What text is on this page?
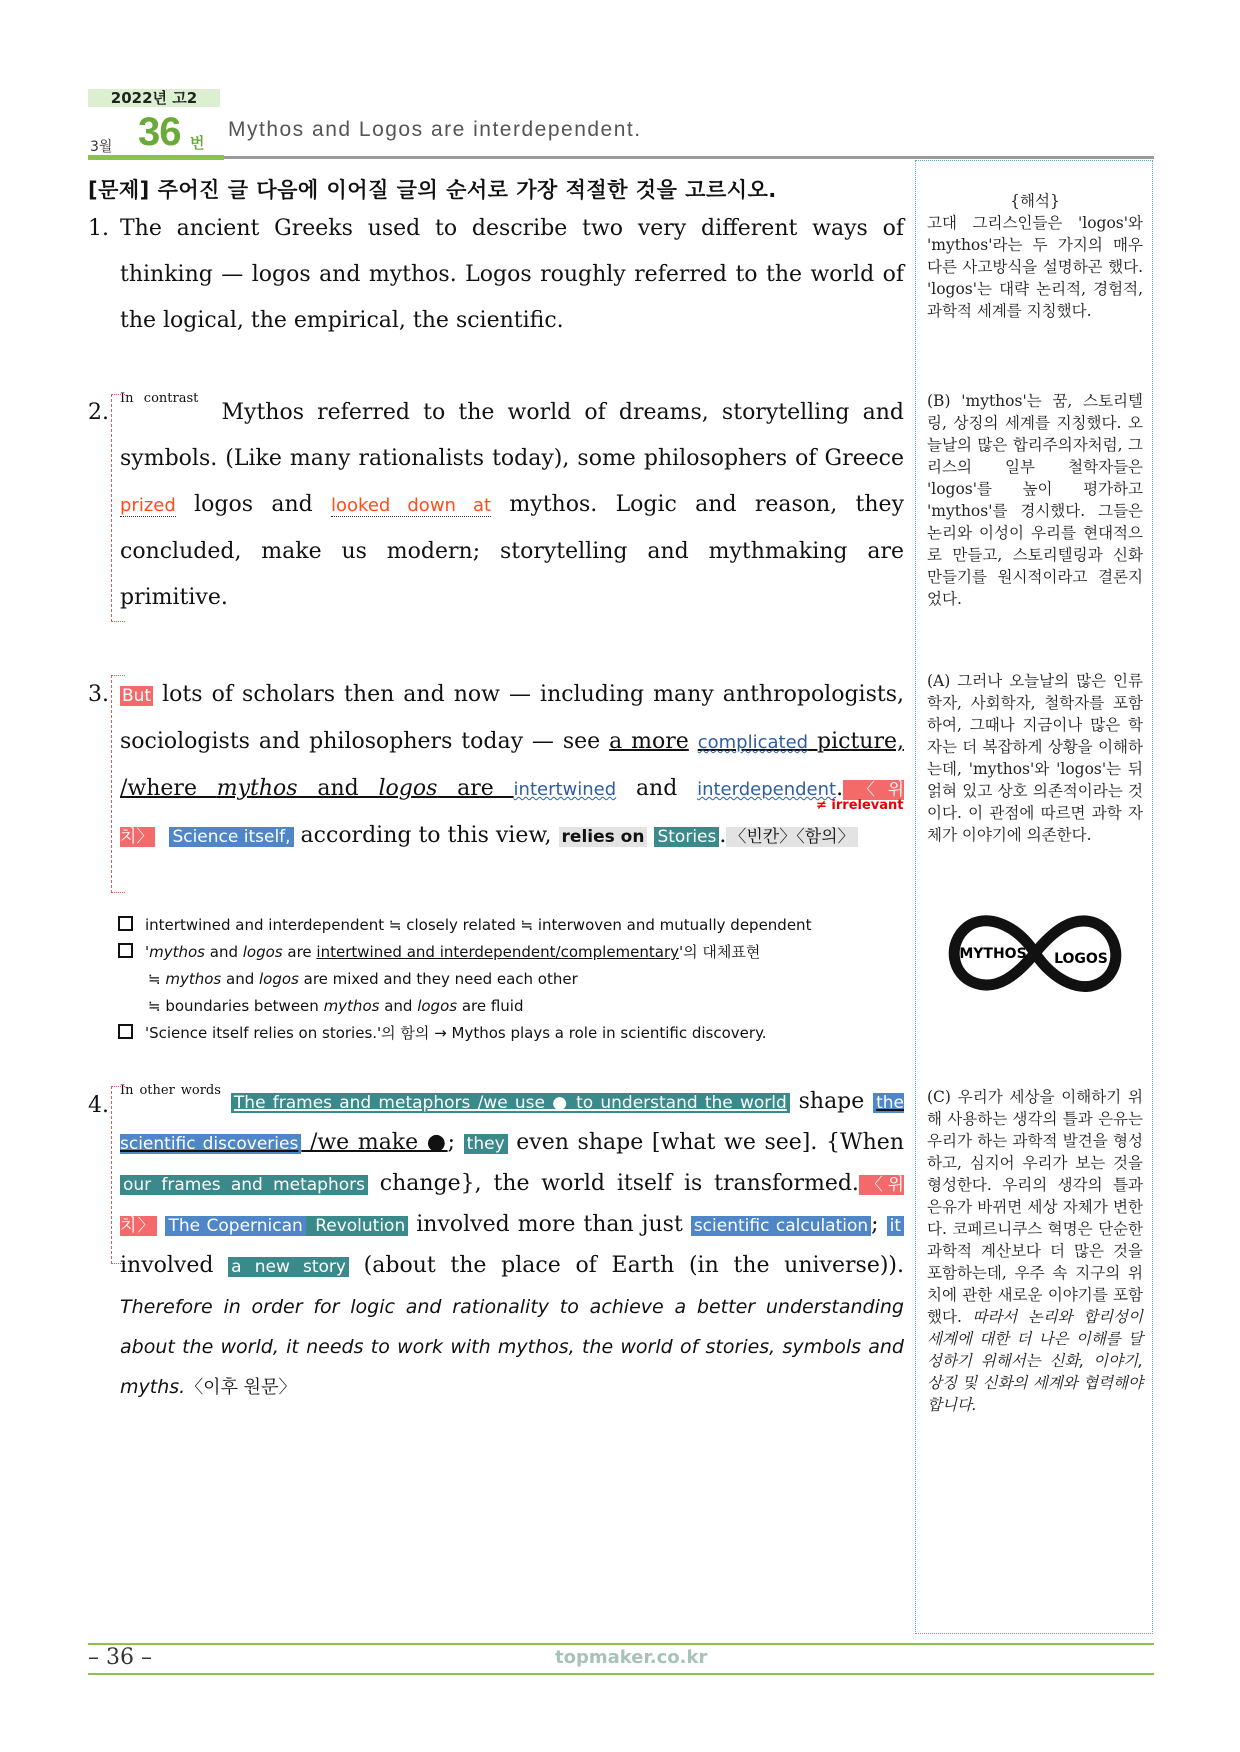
2022년 고2
3월 36 번
Mythos and Logos are interdependent.
[문제] 주어진 글 다음에 이어질 글의 순서로 가장 적절한 것을 고르시오.
1. The ancient Greeks used to describe two very different ways of thinking — logos and mythos. Logos roughly referred to the world of the logical, the empirical, the scientific.
2.
$^{In contrast}$ Mythos referred to the world of dreams, storytelling and symbols. (Like many rationalists today), some philosophers of Greece prized logos and looked down at mythos. Logic and reason, they concluded, make us modern; storytelling and mythmaking are primitive.
3. But lots of scholars then and now — including many anthropologists, sociologists and philosophers today — see a more complicated picture, /where mythos and logos are intertwined and interdependent. 〈위치〉 Science itself, according to this view, relies on Stories . 〈빈칸〉〈함의〉
≠ irrelevant
intertwined and interdependent ≒ closely related ≒ interwoven and mutually dependent
'mythos and logos are intertwined and interdependent/complementary'의 대체표현
≒ mythos and logos are mixed and they need each other
≒ boundaries between mythos and logos are fluid
'Science itself relies on stories.'의 함의 → Mythos plays a role in scientific discovery.
4.
$^{In other words}$The frames and metaphors /we use ● to understand the world shape the scientific discoveries /we make ●; they even shape [what we see]. {When our frames and metaphors change}, the world itself is transformed. 〈위치〉 The Copernican Revolution involved more than just scientific calculation ; it involved a new story (about the place of Earth (in the universe)). Therefore in order for logic and rationality to achieve a better understanding about the world, it needs to work with mythos, the world of stories, symbols and myths.〈이후 원문〉
{해석}
고대 그리스인들은 'logos'와 'mythos'라는 두 가지의 매우 다른 사고방식을 설명하곤 했다. 'logos'는 대략 논리적, 경험적, 과학적 세계를 지칭했다.
(B) 'mythos'는 꿈, 스토리텔링, 상징의 세계를 지칭했다. 오늘날의 많은 합리주의자처럼, 그리스의 일부 철학자들은 'logos'를 높이 평가하고 'mythos'를 경시했다. 그들은 논리와 이성이 우리를 현대적으로 만들고, 스토리텔링과 신화 만들기를 원시적이라고 결론지었다.
(A) 그러나 오늘날의 많은 인류학자, 사회학자, 철학자를 포함하여, 그때나 지금이나 많은 학자는 더 복잡하게 상황을 이해하는데, 'mythos'와 'logos'는 뒤얽혀 있고 상호 의존적이라는 것이다. 이 관점에 따르면 과학 자체가 이야기에 의존한다.
MYTHOS LOGOS
(C) 우리가 세상을 이해하기 위해 사용하는 생각의 틀과 은유는 우리가 하는 과학적 발견을 형성하고, 심지어 우리가 보는 것을 형성한다. 우리의 생각의 틀과 은유가 바뀌면 세상 자체가 변한다. 코페르니쿠스 혁명은 단순한 과학적 계산보다 더 많은 것을 포함하는데, 우주 속 지구의 위치에 관한 새로운 이야기를 포함했다. 따라서 논리와 합리성이 세계에 대한 더 나은 이해를 달성하기 위해서는 신화, 이야기, 상징 및 신화의 세계와 협력해야 합니다.
– 36 –	topmaker.co.kr
